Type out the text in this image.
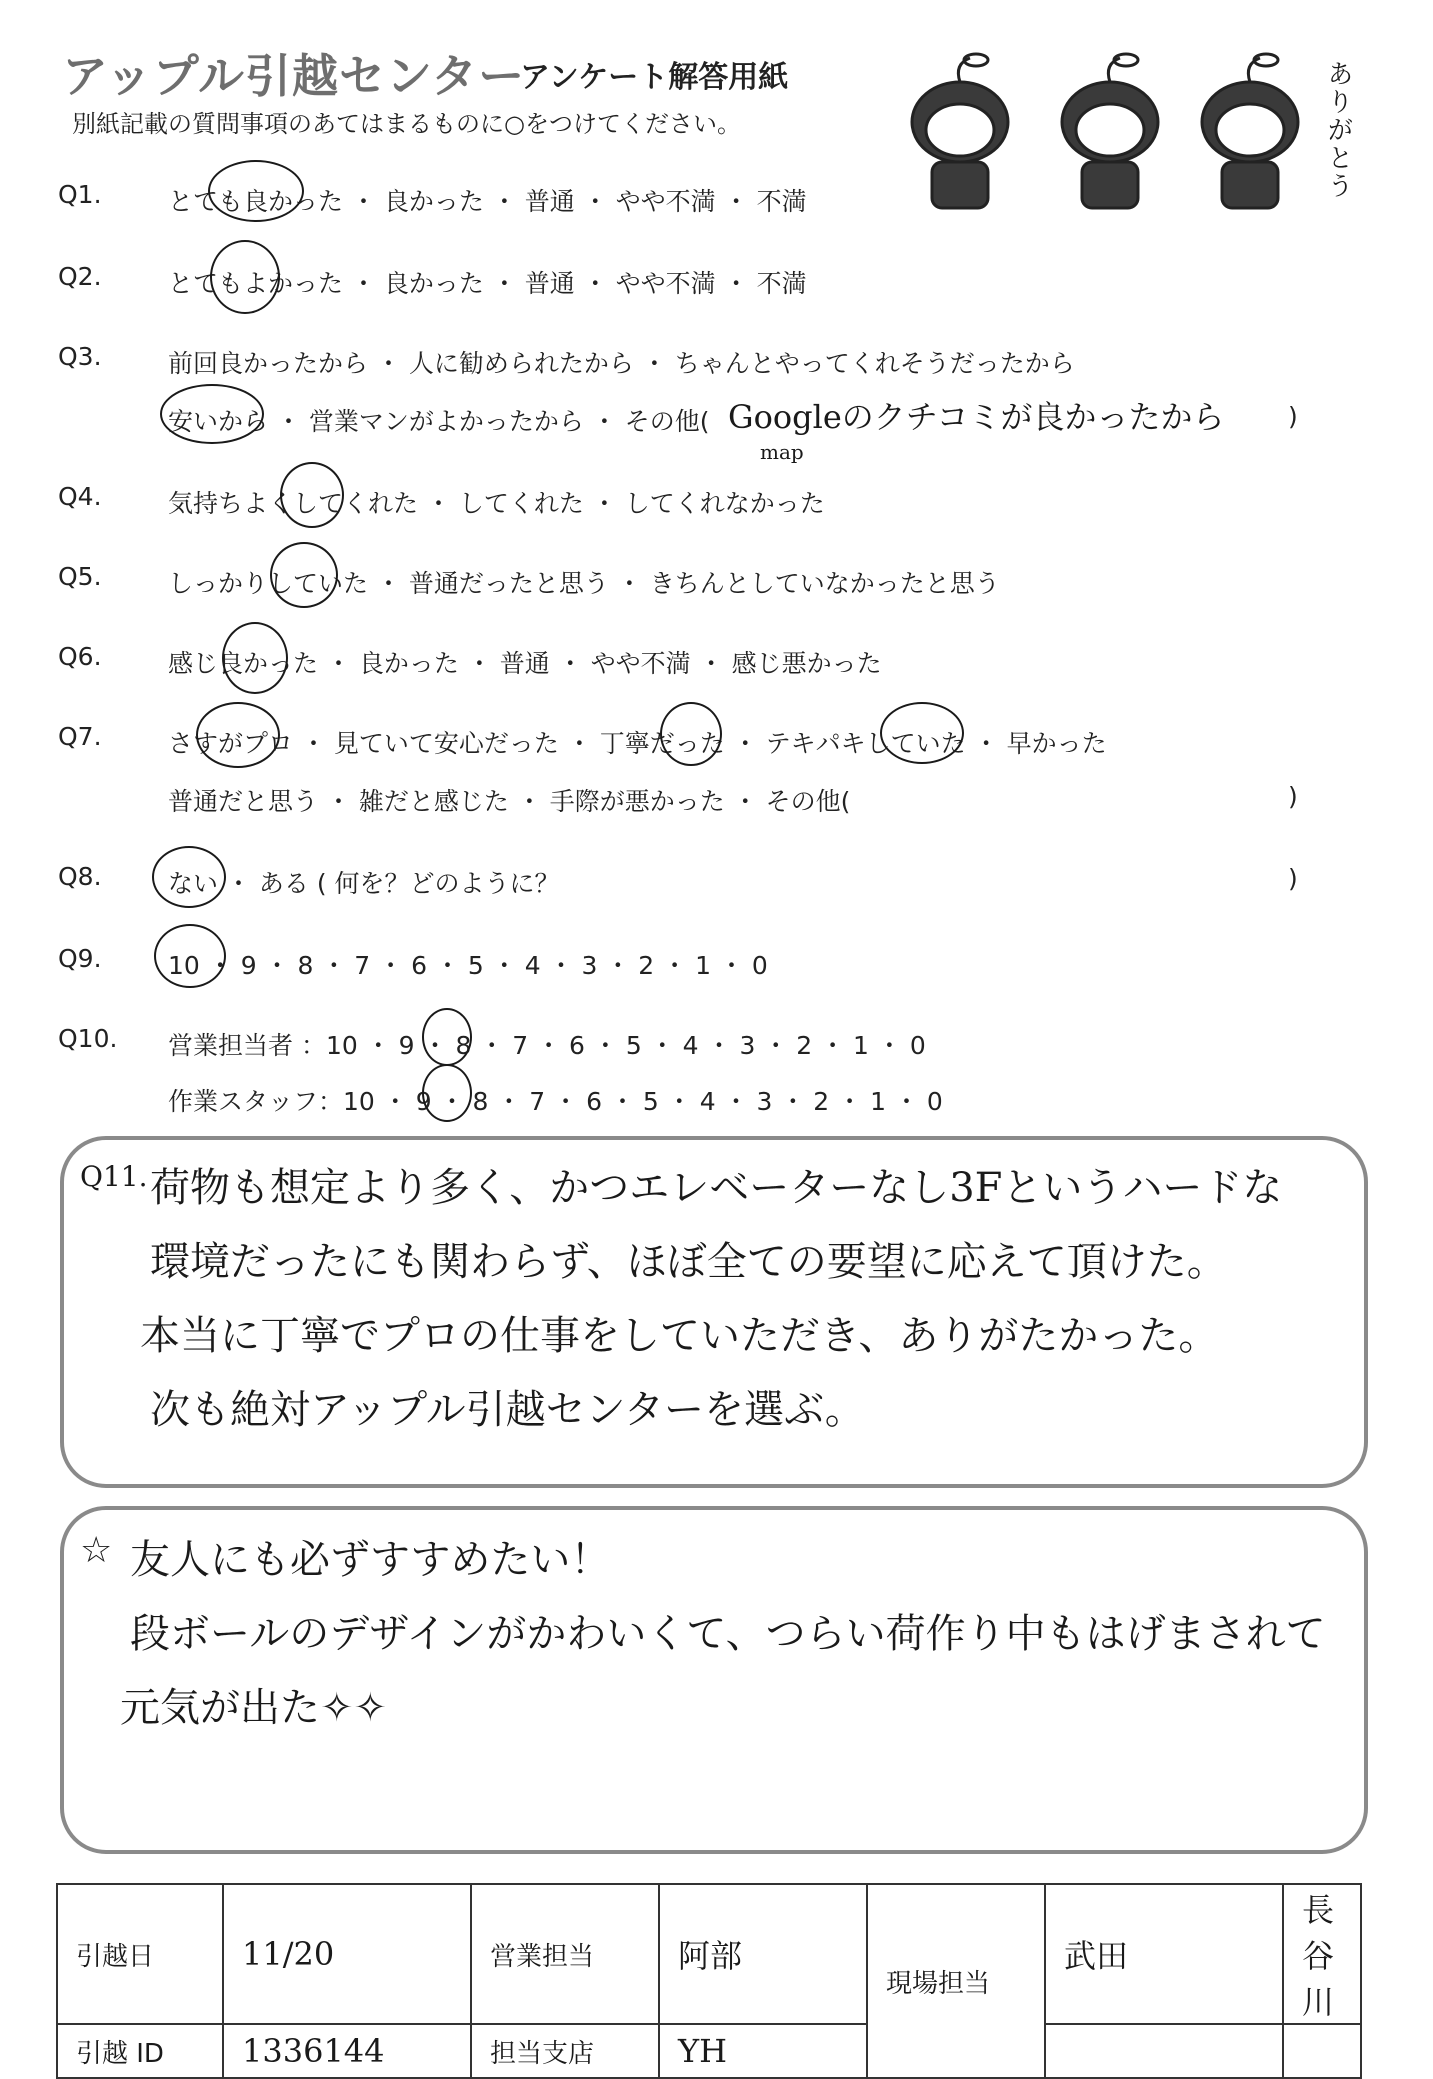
アップル引越センター
アンケート解答用紙
別紙記載の質問事項のあてはまるものに○をつけてください。	ありがとう
Q1.	とても良かった ・ 良かった ・ 普通 ・ やや不満 ・ 不満
Q2.	とてもよかった ・ 良かった ・ 普通 ・ やや不満 ・ 不満
Q3.	前回良かったから ・ 人に勧められたから ・ ちゃんとやってくれそうだったから
安いから ・ 営業マンがよかったから ・ その他( Googleのクチコミが良かったから	)
map
Q4.	気持ちよくしてくれた ・ してくれた ・ してくれなかった
Q5.	しっかりしていた ・ 普通だったと思う ・ きちんとしていなかったと思う
Q6.	感じ良かった ・ 良かった ・ 普通 ・ やや不満 ・ 感じ悪かった
Q7.	さすがプロ ・ 見ていて安心だった ・ 丁寧だった ・ テキパキしていた ・ 早かった
普通だと思う ・ 雑だと感じた ・ 手際が悪かった ・ その他(	)
Q8.	ない ・ ある ( 何を？どのように？	)
Q9.	10 ・ 9 ・ 8 ・ 7 ・ 6 ・ 5 ・ 4 ・ 3 ・ 2 ・ 1 ・ 0
Q10. 営業担当者 ：10 ・ 9 ・ 8 ・ 7 ・ 6 ・ 5 ・ 4 ・ 3 ・ 2 ・ 1 ・ 0
作業スタッフ：10 ・ 9 ・ 8 ・ 7 ・ 6 ・ 5 ・ 4 ・ 3 ・ 2 ・ 1 ・ 0
Q11. 荷物も想定より多く、かつエレベーターなし3Fというハードな
環境だったにも関わらず、ほぼ全ての要望に応えて頂けた。
本当に丁寧でプロの仕事をしていただき、ありがたかった。
次も絶対アップル引越センターを選ぶ。
☆ 友人にも必ずすすめたい！
段ボールのデザインがかわいくて、つらい荷作り中もはげまされて
元気が出た✧✧
引越日	11/20	営業担当	阿部	現場担当	武田	長谷川
引越 ID	1336144	担当支店	YH			
